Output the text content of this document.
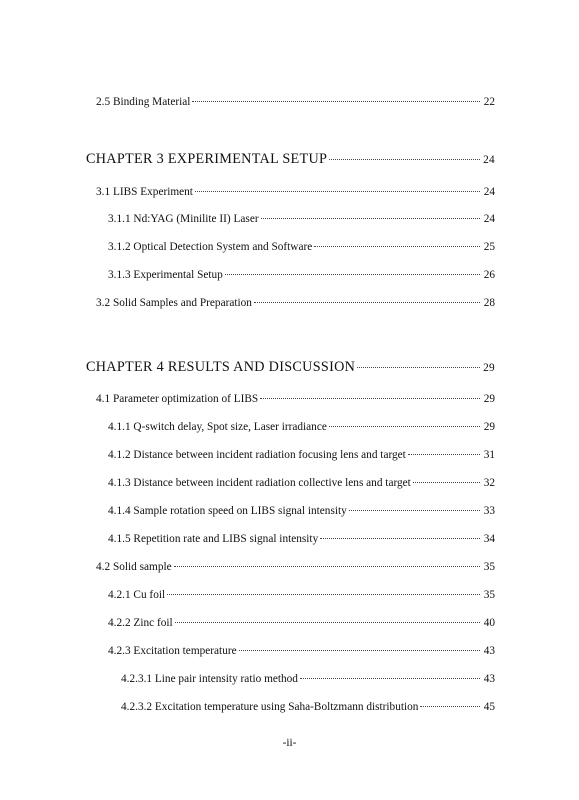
2.5 Binding Material	22
CHAPTER 3 EXPERIMENTAL SETUP	24
3.1 LIBS Experiment	24
3.1.1 Nd:YAG (Minilite II) Laser	24
3.1.2 Optical Detection System and Software	25
3.1.3 Experimental Setup	26
3.2 Solid Samples and Preparation	28
CHAPTER 4 RESULTS AND DISCUSSION	29
4.1 Parameter optimization of LIBS	29
4.1.1 Q-switch delay, Spot size, Laser irradiance	29
4.1.2 Distance between incident radiation focusing lens and target	31
4.1.3 Distance between incident radiation collective lens and target	32
4.1.4 Sample rotation speed on LIBS signal intensity	33
4.1.5 Repetition rate and LIBS signal intensity	34
4.2 Solid sample	35
4.2.1 Cu foil	35
4.2.2 Zinc foil	40
4.2.3 Excitation temperature	43
4.2.3.1 Line pair intensity ratio method	43
4.2.3.2 Excitation temperature using Saha-Boltzmann distribution	45
-ii-
